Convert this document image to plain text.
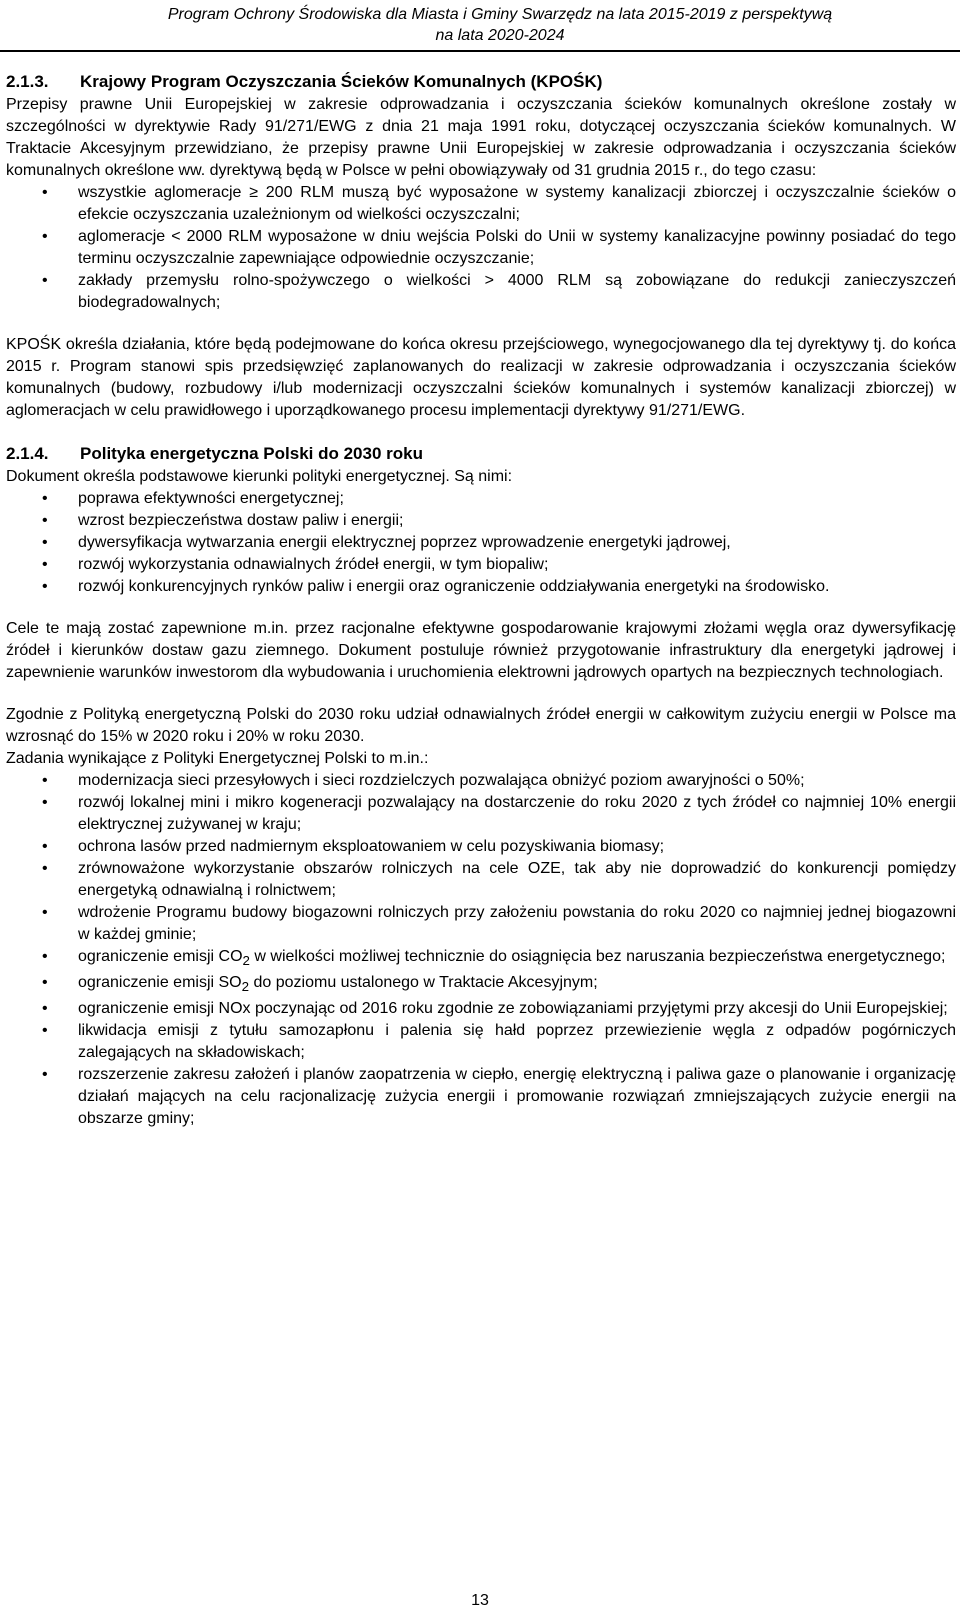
Program Ochrony Środowiska dla Miasta i Gminy Swarzędz na lata 2015-2019 z perspektywą
na lata 2020-2024
2.1.3. Krajowy Program Oczyszczania Ścieków Komunalnych (KPOŚK)

Przepisy prawne Unii Europejskiej w zakresie odprowadzania i oczyszczania ścieków komunalnych określone zostały w szczególności w dyrektywie Rady 91/271/EWG z dnia 21 maja 1991 roku, dotyczącej oczyszczania ścieków komunalnych. W Traktacie Akcesyjnym przewidziano, że przepisy prawne Unii Europejskiej w zakresie odprowadzania i oczyszczania ścieków komunalnych określone ww. dyrektywą będą w Polsce w pełni obowiązywały od 31 grudnia 2015 r., do tego czasu:

• wszystkie aglomeracje ≥ 200 RLM muszą być wyposażone w systemy kanalizacji zbiorczej i oczyszczalnie ścieków o efekcie oczyszczania uzależnionym od wielkości oczyszczalni;
• aglomeracje < 2000 RLM wyposażone w dniu wejścia Polski do Unii w systemy kanalizacyjne powinny posiadać do tego terminu oczyszczalnie zapewniające odpowiednie oczyszczanie;
• zakłady przemysłu rolno-spożywczego o wielkości > 4000 RLM są zobowiązane do redukcji zanieczyszczeń biodegradowalnych;

KPOŚK określa działania, które będą podejmowane do końca okresu przejściowego, wynegocjowanego dla tej dyrektywy tj. do końca 2015 r. Program stanowi spis przedsięwzięć zaplanowanych do realizacji w zakresie odprowadzania i oczyszczania ścieków komunalnych (budowy, rozbudowy i/lub modernizacji oczyszczalni ścieków komunalnych i systemów kanalizacji zbiorczej) w aglomeracjach w celu prawidłowego i uporządkowanego procesu implementacji dyrektywy 91/271/EWG.

2.1.4. Polityka energetyczna Polski do 2030 roku

Dokument określa podstawowe kierunki polityki energetycznej. Są nimi:

• poprawa efektywności energetycznej;
• wzrost bezpieczeństwa dostaw paliw i energii;
• dywersyfikacja wytwarzania energii elektrycznej poprzez wprowadzenie energetyki jądrowej,
• rozwój wykorzystania odnawialnych źródeł energii, w tym biopaliw;
• rozwój konkurencyjnych rynków paliw i energii oraz ograniczenie oddziaływania energetyki na środowisko.

Cele te mają zostać zapewnione m.in. przez racjonalne efektywne gospodarowanie krajowymi złożami węgla oraz dywersyfikację źródeł i kierunków dostaw gazu ziemnego. Dokument postuluje również przygotowanie infrastruktury dla energetyki jądrowej i zapewnienie warunków inwestorom dla wybudowania i uruchomienia elektrowni jądrowych opartych na bezpiecznych technologiach.

Zgodnie z Polityką energetyczną Polski do 2030 roku udział odnawialnych źródeł energii w całkowitym zużyciu energii w Polsce ma wzrosnąć do 15% w 2020 roku i 20% w roku 2030.

Zadania wynikające z Polityki Energetycznej Polski to m.in.:

• modernizacja sieci przesyłowych i sieci rozdzielczych pozwalająca obniżyć poziom awaryjności o 50%;
• rozwój lokalnej mini i mikro kogeneracji pozwalający na dostarczenie do roku 2020 z tych źródeł co najmniej 10% energii elektrycznej zużywanej w kraju;
• ochrona lasów przed nadmiernym eksploatowaniem w celu pozyskiwania biomasy;
• zrównoważone wykorzystanie obszarów rolniczych na cele OZE, tak aby nie doprowadzić do konkurencji pomiędzy energetyką odnawialną i rolnictwem;
• wdrożenie Programu budowy biogazowni rolniczych przy założeniu powstania do roku 2020 co najmniej jednej biogazowni w każdej gminie;
• ograniczenie emisji $CO_2$ w wielkości możliwej technicznie do osiągnięcia bez naruszania bezpieczeństwa energetycznego;
• ograniczenie emisji $SO_2$ do poziomu ustalonego w Traktacie Akcesyjnym;
• ograniczenie emisji NOx poczynając od 2016 roku zgodnie ze zobowiązaniami przyjętymi przy akcesji do Unii Europejskiej;
• likwidacja emisji z tytułu samozapłonu i palenia się hałd poprzez przewiezienie węgla z odpadów pogórniczych zalegających na składowiskach;
• rozszerzenie zakresu założeń i planów zaopatrzenia w ciepło, energię elektryczną i paliwa gaze o planowanie i organizację działań mających na celu racjonalizację zużycia energii i promowanie rozwiązań zmniejszających zużycie energii na obszarze gminy;
13
